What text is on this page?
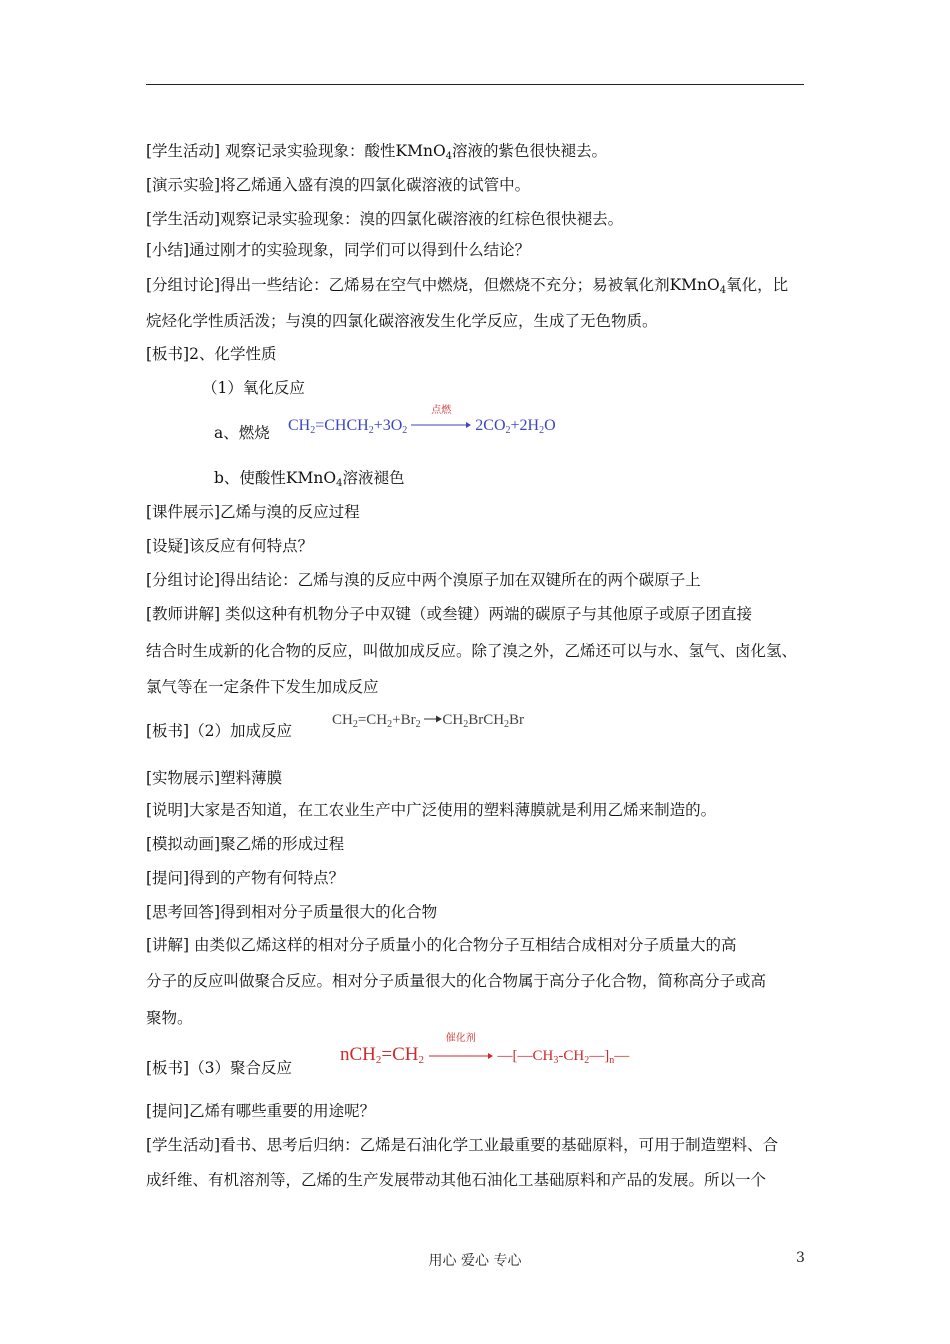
[学生活动] 观察记录实验现象：酸性KMnO$_4$溶液的紫色很快褪去。
[演示实验]将乙烯通入盛有溴的四氯化碳溶液的试管中。
[学生活动]观察记录实验现象：溴的四氯化碳溶液的红棕色很快褪去。
[小结]通过刚才的实验现象，同学们可以得到什么结论？
[分组讨论]得出一些结论：乙烯易在空气中燃烧，但燃烧不充分；易被氧化剂KMnO$_4$氧化，比
烷烃化学性质活泼；与溴的四氯化碳溶液发生化学反应，生成了无色物质。
[板书]2、化学性质
（1）氧化反应
a、燃烧 $CH_2=CHCH_2+3O_2$
点燃
$2CO_2+2H_2O$
b、使酸性KMnO$_4$溶液褪色
[课件展示]乙烯与溴的反应过程
[设疑]该反应有何特点？
[分组讨论]得出结论：乙烯与溴的反应中两个溴原子加在双键所在的两个碳原子上
[教师讲解] 类似这种有机物分子中双键（或叁键）两端的碳原子与其他原子或原子团直接
结合时生成新的化合物的反应，叫做加成反应。除了溴之外，乙烯还可以与水、氢气、卤化氢、
氯气等在一定条件下发生加成反应
[板书]（2）加成反应
$CH_2=CH_2+Br_2$ $\to CH_2BrCH_2Br$
[实物展示]塑料薄膜
[说明]大家是否知道，在工农业生产中广泛使用的塑料薄膜就是利用乙烯来制造的。
[模拟动画]聚乙烯的形成过程
[提问]得到的产物有何特点？
[思考回答]得到相对分子质量很大的化合物
[讲解] 由类似乙烯这样的相对分子质量小的化合物分子互相结合成相对分子质量大的高
分子的反应叫做聚合反应。相对分子质量很大的化合物属于高分子化合物，简称高分子或高
聚物。
[板书]（3）聚合反应
$nCH_2=CH_2$
催化剂
$—[—CH_3-CH_2—]_n—$
[提问]乙烯有哪些重要的用途呢？
[学生活动]看书、思考后归纳：乙烯是石油化学工业最重要的基础原料，可用于制造塑料、合
成纤维、有机溶剂等，乙烯的生产发展带动其他石油化工基础原料和产品的发展。所以一个
用心 爱心 专心	3
